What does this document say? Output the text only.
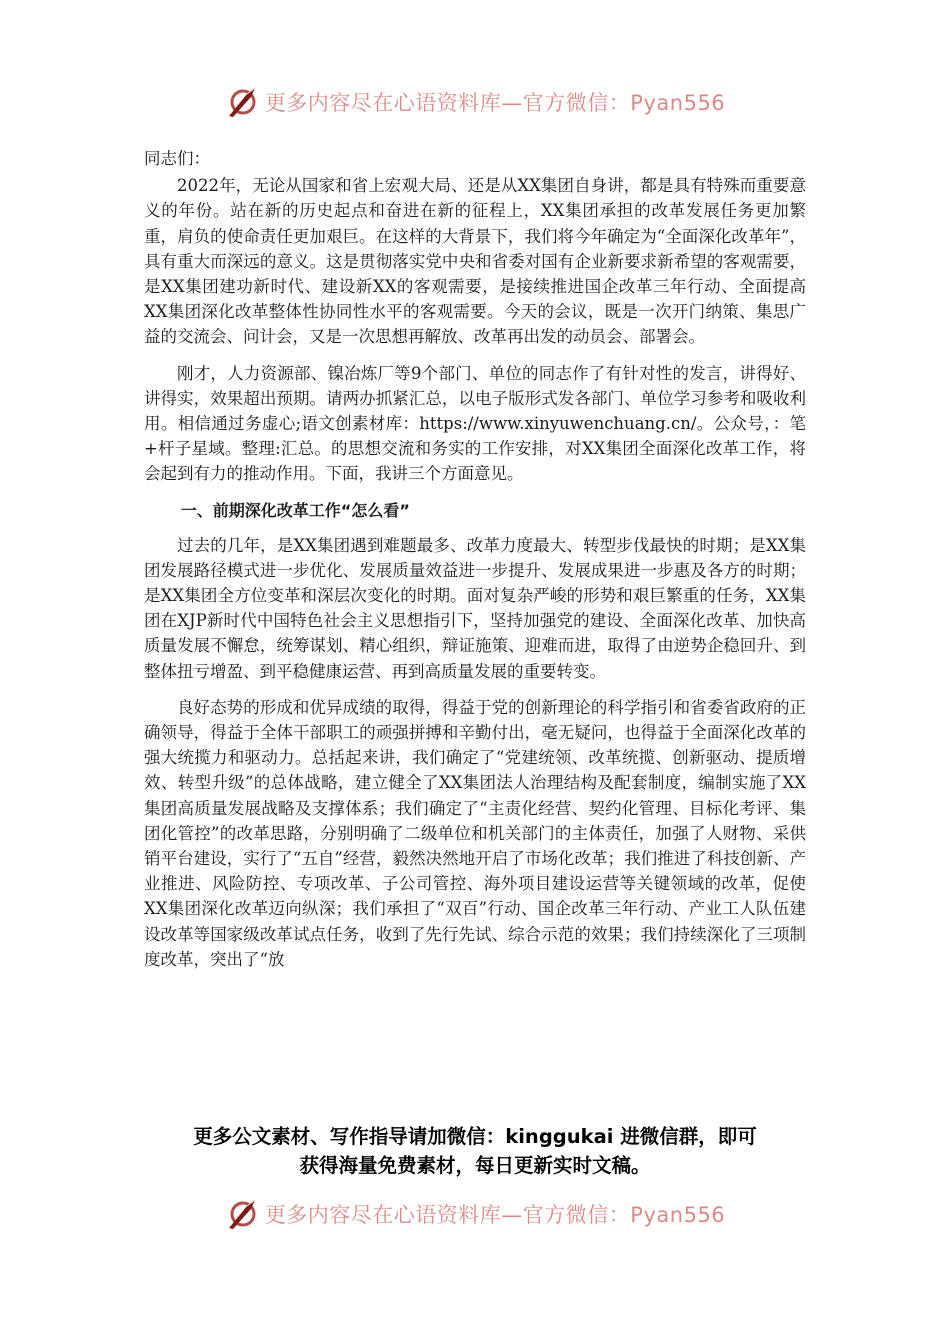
更多内容尽在心语资料库—官方微信：Pyan556

同志们：

2022年，无论从国家和省上宏观大局、还是从XX集团自身讲，都是具有特殊而重要意义的年份。站在新的历史起点和奋进在新的征程上，XX集团承担的改革发展任务更加繁重，肩负的使命责任更加艰巨。在这样的大背景下，我们将今年确定为“全面深化改革年”，具有重大而深远的意义。这是贯彻落实党中央和省委对国有企业新要求新希望的客观需要，是XX集团建功新时代、建设新XX的客观需要，是接续推进国企改革三年行动、全面提高XX集团深化改革整体性协同性水平的客观需要。今天的会议，既是一次开门纳策、集思广益的交流会、问计会，又是一次思想再解放、改革再出发的动员会、部署会。

刚才，人力资源部、镍冶炼厂等9个部门、单位的同志作了有针对性的发言，讲得好、讲得实，效果超出预期。请两办抓紧汇总，以电子版形式发各部门、单位学习参考和吸收利用。相信通过务虚心;语文创素材库：https://www.xinyuwenchuang.cn/。公众号，：笔+杆子星域。整理:汇总。的思想交流和务实的工作安排，对XX集团全面深化改革工作，将会起到有力的推动作用。下面，我讲三个方面意见。

一、前期深化改革工作“怎么看”

过去的几年，是XX集团遇到难题最多、改革力度最大、转型步伐最快的时期；是XX集团发展路径模式进一步优化、发展质量效益进一步提升、发展成果进一步惠及各方的时期；是XX集团全方位变革和深层次变化的时期。面对复杂严峻的形势和艰巨繁重的任务，XX集团在XJP新时代中国特色社会主义思想指引下，坚持加强党的建设、全面深化改革、加快高质量发展不懈怠，统筹谋划、精心组织，辩证施策、迎难而进，取得了由逆势企稳回升、到整体扭亏增盈、到平稳健康运营、再到高质量发展的重要转变。

良好态势的形成和优异成绩的取得，得益于党的创新理论的科学指引和省委省政府的正确领导，得益于全体干部职工的顽强拼搏和辛勤付出，毫无疑问，也得益于全面深化改革的强大统揽力和驱动力。总括起来讲，我们确定了“党建统领、改革统揽、创新驱动、提质增效、转型升级”的总体战略，建立健全了XX集团法人治理结构及配套制度，编制实施了XX集团高质量发展战略及支撑体系；我们确定了“主责化经营、契约化管理、目标化考评、集团化管控”的改革思路，分别明确了二级单位和机关部门的主体责任，加强了人财物、采供销平台建设，实行了“五自”经营，毅然决然地开启了市场化改革；我们推进了科技创新、产业推进、风险防控、专项改革、子公司管控、海外项目建设运营等关键领域的改革，促使XX集团深化改革迈向纵深；我们承担了“双百”行动、国企改革三年行动、产业工人队伍建设改革等国家级改革试点任务，收到了先行先试、综合示范的效果；我们持续深化了三项制度改革，突出了“放

更多公文素材、写作指导请加微信：kinggukai 进微信群，即可
获得海量免费素材，每日更新实时文稿。
更多内容尽在心语资料库—官方微信：Pyan556
